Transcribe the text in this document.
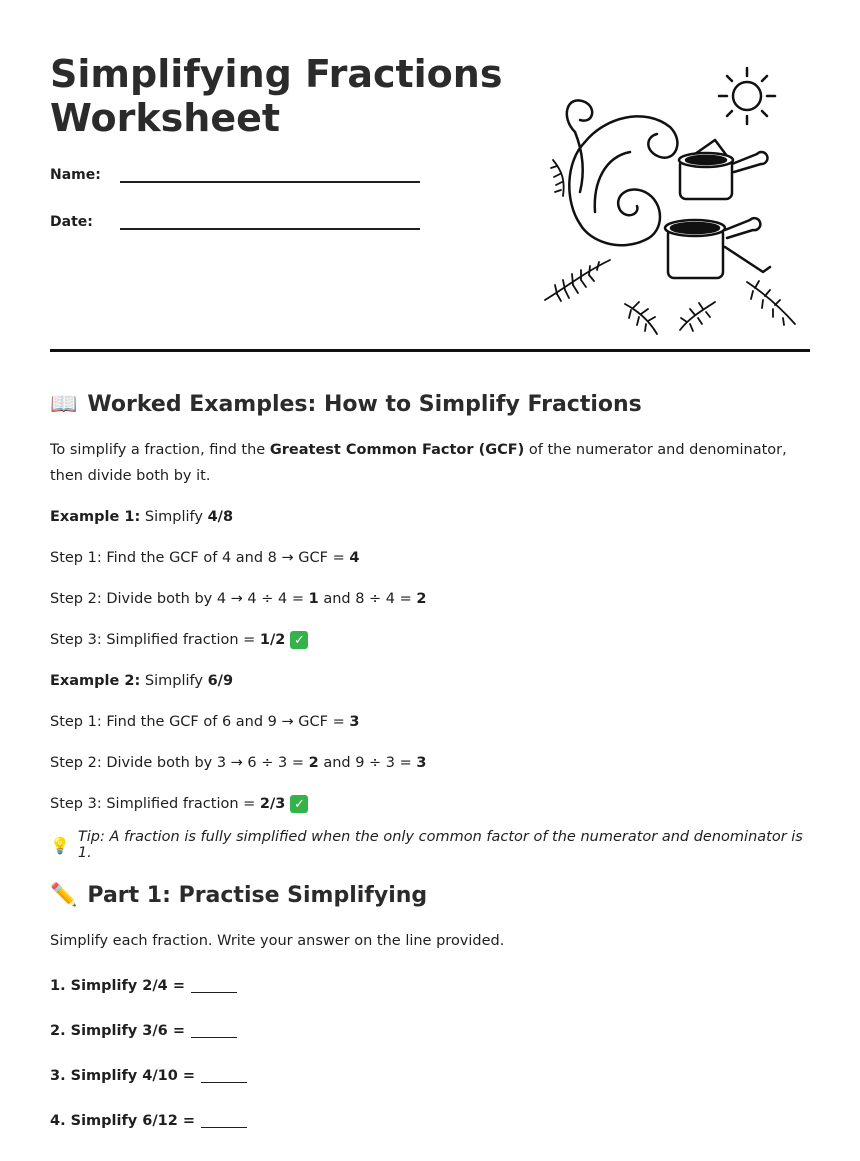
Simplifying Fractions
Worksheet
Name:
Date:
📖 Worked Examples: How to Simplify Fractions

To simplify a fraction, find the Greatest Common Factor (GCF) of the numerator and denominator, then divide both by it.

Example 1: Simplify 4/8
Step 1: Find the GCF of 4 and 8 → GCF = 4
Step 2: Divide both by 4 → 4 ÷ 4 = 1 and 8 ÷ 4 = 2
Step 3: Simplified fraction = 1/2 ✓
Example 2: Simplify 6/9
Step 1: Find the GCF of 6 and 9 → GCF = 3
Step 2: Divide both by 3 → 6 ÷ 3 = 2 and 9 ÷ 3 = 3
Step 3: Simplified fraction = 2/3 ✓
💡 Tip: A fraction is fully simplified when the only common factor of the numerator and denominator is 1.
✏️ Part 1: Practise Simplifying

Simplify each fraction. Write your answer on the line provided.

1. Simplify 2/4 =
2. Simplify 3/6 =
3. Simplify 4/10 =
4. Simplify 6/12 =
